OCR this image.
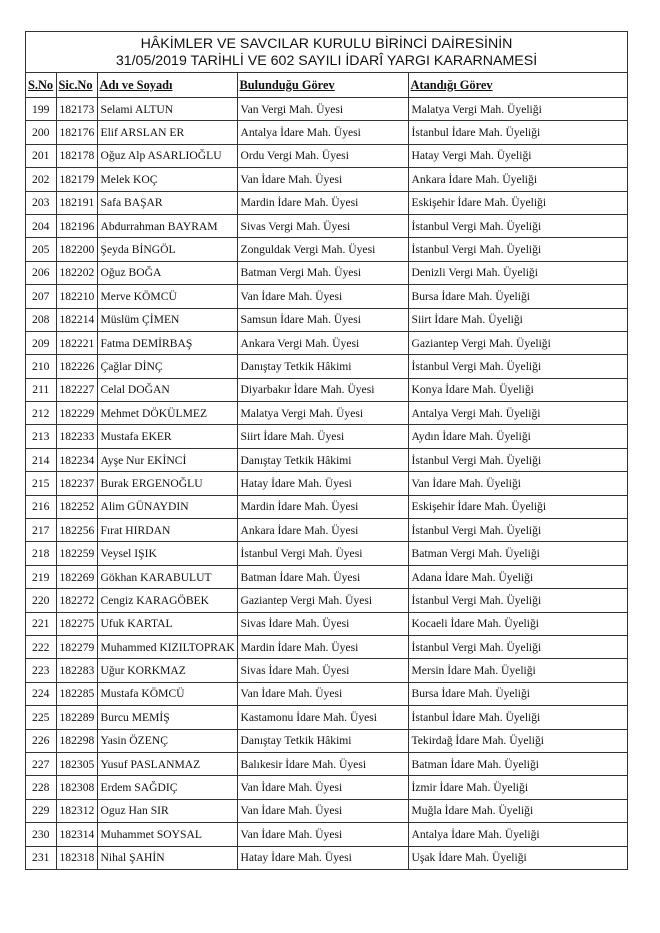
HÂKİMLER VE SAVCILAR KURULU BİRİNCİ DAİRESİNİN
31/05/2019 TARİHLİ VE 602 SAYILI İDARÎ YARGI KARARNAMESİ
S.No	Sic.No	Adı ve Soyadı	Bulunduğu Görev	Atandığı Görev
199	182173	Selami ALTUN	Van Vergi Mah. Üyesi	Malatya Vergi Mah. Üyeliği
200	182176	Elif ARSLAN ER	Antalya İdare Mah. Üyesi	İstanbul İdare Mah. Üyeliği
201	182178	Oğuz Alp ASARLIOĞLU	Ordu Vergi Mah. Üyesi	Hatay Vergi Mah. Üyeliği
202	182179	Melek KOÇ	Van İdare Mah. Üyesi	Ankara İdare Mah. Üyeliği
203	182191	Safa BAŞAR	Mardin İdare Mah. Üyesi	Eskişehir İdare Mah. Üyeliği
204	182196	Abdurrahman BAYRAM	Sivas Vergi Mah. Üyesi	İstanbul Vergi Mah. Üyeliği
205	182200	Şeyda BİNGÖL	Zonguldak Vergi Mah. Üyesi	İstanbul Vergi Mah. Üyeliği
206	182202	Oğuz BOĞA	Batman Vergi Mah. Üyesi	Denizli Vergi Mah. Üyeliği
207	182210	Merve KÖMCÜ	Van İdare Mah. Üyesi	Bursa İdare Mah. Üyeliği
208	182214	Müslüm ÇİMEN	Samsun İdare Mah. Üyesi	Siirt İdare Mah. Üyeliği
209	182221	Fatma DEMİRBAŞ	Ankara Vergi Mah. Üyesi	Gaziantep Vergi Mah. Üyeliği
210	182226	Çağlar DİNÇ	Danıştay Tetkik Hâkimi	İstanbul Vergi Mah. Üyeliği
211	182227	Celal DOĞAN	Diyarbakır İdare Mah. Üyesi	Konya İdare Mah. Üyeliği
212	182229	Mehmet DÖKÜLMEZ	Malatya Vergi Mah. Üyesi	Antalya Vergi Mah. Üyeliği
213	182233	Mustafa EKER	Siirt İdare Mah. Üyesi	Aydın İdare Mah. Üyeliği
214	182234	Ayşe Nur EKİNCİ	Danıştay Tetkik Hâkimi	İstanbul Vergi Mah. Üyeliği
215	182237	Burak ERGENOĞLU	Hatay İdare Mah. Üyesi	Van İdare Mah. Üyeliği
216	182252	Alim GÜNAYDIN	Mardin İdare Mah. Üyesi	Eskişehir İdare Mah. Üyeliği
217	182256	Fırat HIRDAN	Ankara İdare Mah. Üyesi	İstanbul Vergi Mah. Üyeliği
218	182259	Veysel IŞIK	İstanbul Vergi Mah. Üyesi	Batman Vergi Mah. Üyeliği
219	182269	Gökhan KARABULUT	Batman İdare Mah. Üyesi	Adana İdare Mah. Üyeliği
220	182272	Cengiz KARAGÖBEK	Gaziantep Vergi Mah. Üyesi	İstanbul Vergi Mah. Üyeliği
221	182275	Ufuk KARTAL	Sivas İdare Mah. Üyesi	Kocaeli İdare Mah. Üyeliği
222	182279	Muhammed KIZILTOPRAK	Mardin İdare Mah. Üyesi	İstanbul Vergi Mah. Üyeliği
223	182283	Uğur KORKMAZ	Sivas İdare Mah. Üyesi	Mersin İdare Mah. Üyeliği
224	182285	Mustafa KÖMCÜ	Van İdare Mah. Üyesi	Bursa İdare Mah. Üyeliği
225	182289	Burcu MEMİŞ	Kastamonu İdare Mah. Üyesi	İstanbul İdare Mah. Üyeliği
226	182298	Yasin ÖZENÇ	Danıştay Tetkik Hâkimi	Tekirdağ İdare Mah. Üyeliği
227	182305	Yusuf PASLANMAZ	Balıkesir İdare Mah. Üyesi	Batman İdare Mah. Üyeliği
228	182308	Erdem SAĞDIÇ	Van İdare Mah. Üyesi	İzmir İdare Mah. Üyeliği
229	182312	Oguz Han SIR	Van İdare Mah. Üyesi	Muğla İdare Mah. Üyeliği
230	182314	Muhammet SOYSAL	Van İdare Mah. Üyesi	Antalya İdare Mah. Üyeliği
231	182318	Nihal ŞAHİN	Hatay İdare Mah. Üyesi	Uşak İdare Mah. Üyeliği
